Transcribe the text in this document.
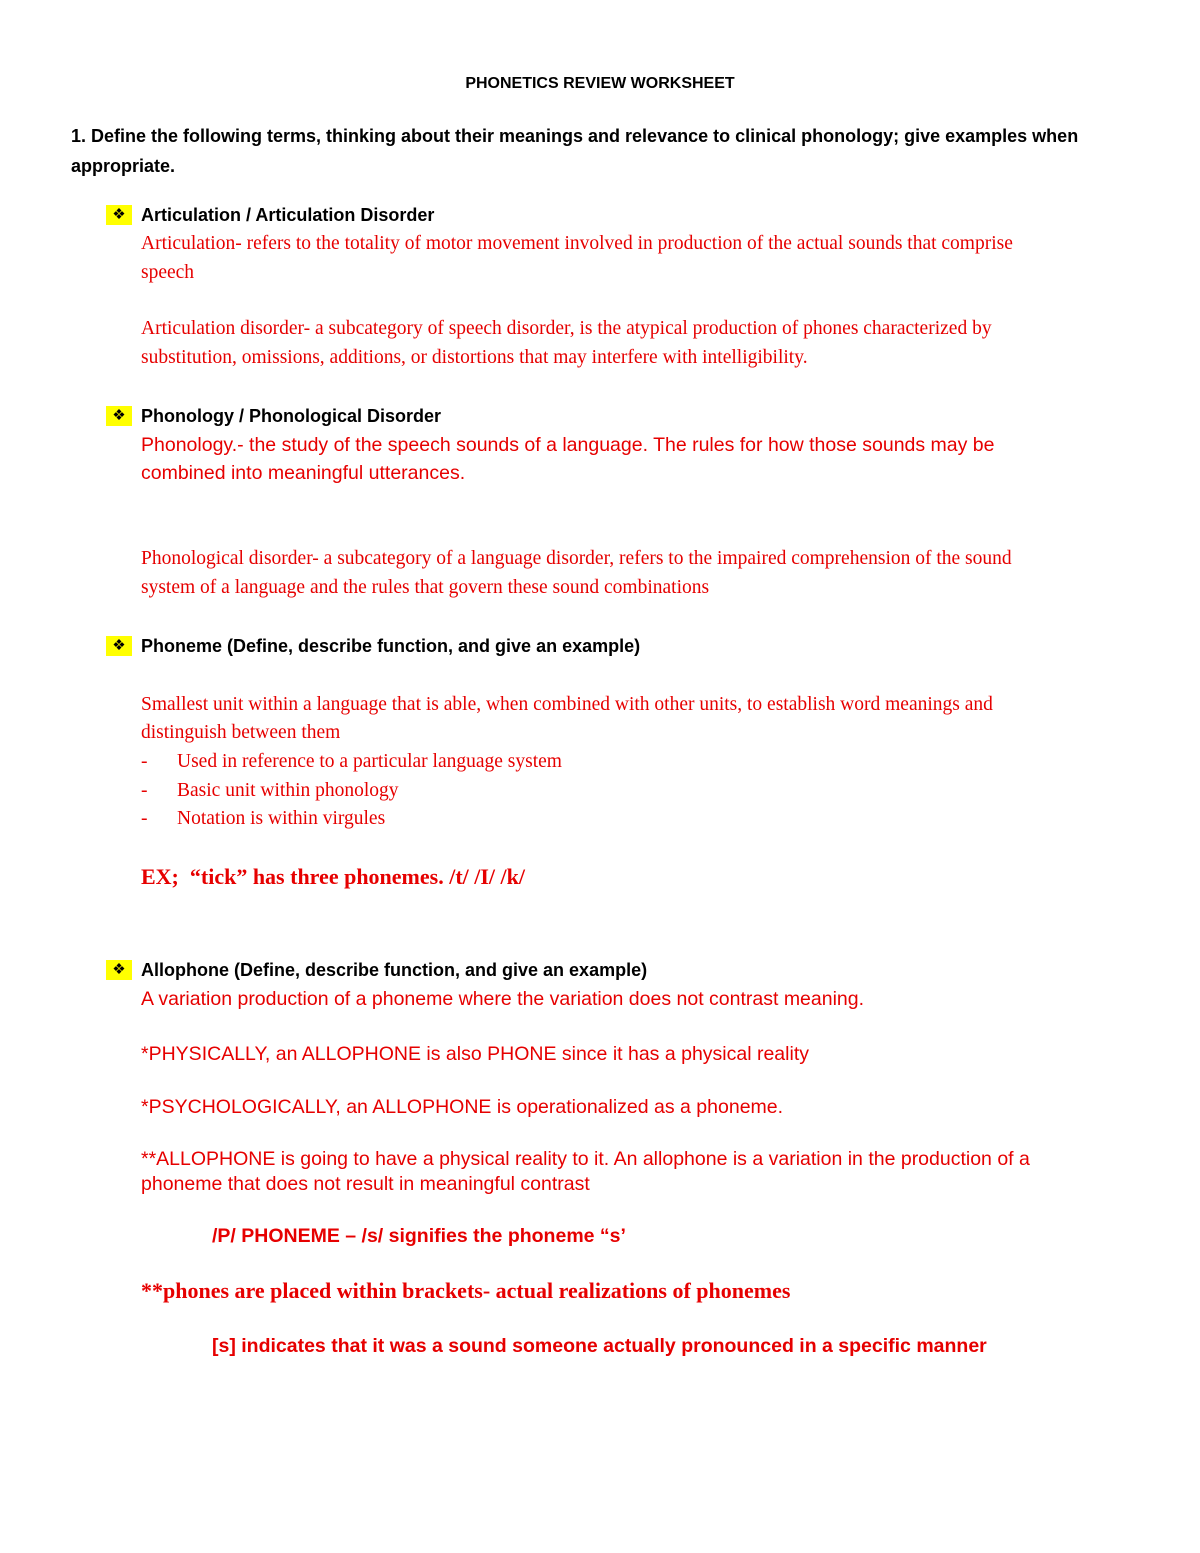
PHONETICS REVIEW WORKSHEET
1. Define the following terms, thinking about their meanings and relevance to clinical phonology; give examples when appropriate.
❖ Articulation / Articulation Disorder
Articulation- refers to the totality of motor movement involved in production of the actual sounds that comprise
speech
Articulation disorder- a subcategory of speech disorder, is the atypical production of phones characterized by
substitution, omissions, additions, or distortions that may interfere with intelligibility.
❖ Phonology / Phonological Disorder
Phonology.- the study of the speech sounds of a language. The rules for how those sounds may be
combined into meaningful utterances.
Phonological disorder- a subcategory of a language disorder, refers to the impaired comprehension of the sound
system of a language and the rules that govern these sound combinations
❖ Phoneme (Define, describe function, and give an example)
Smallest unit within a language that is able, when combined with other units, to establish word meanings and
distinguish between them
- Used in reference to a particular language system
- Basic unit within phonology
- Notation is within virgules
EX;  “tick” has three phonemes. /t/ /I/ /k/
❖ Allophone (Define, describe function, and give an example)
A variation production of a phoneme where the variation does not contrast meaning.
*PHYSICALLY, an ALLOPHONE is also PHONE since it has a physical reality
*PSYCHOLOGICALLY, an ALLOPHONE is operationalized as a phoneme.
**ALLOPHONE is going to have a physical reality to it. An allophone is a variation in the production of a
phoneme that does not result in meaningful contrast
/P/ PHONEME – /s/ signifies the phoneme “s’
**phones are placed within brackets- actual realizations of phonemes
[s] indicates that it was a sound someone actually pronounced in a specific manner
